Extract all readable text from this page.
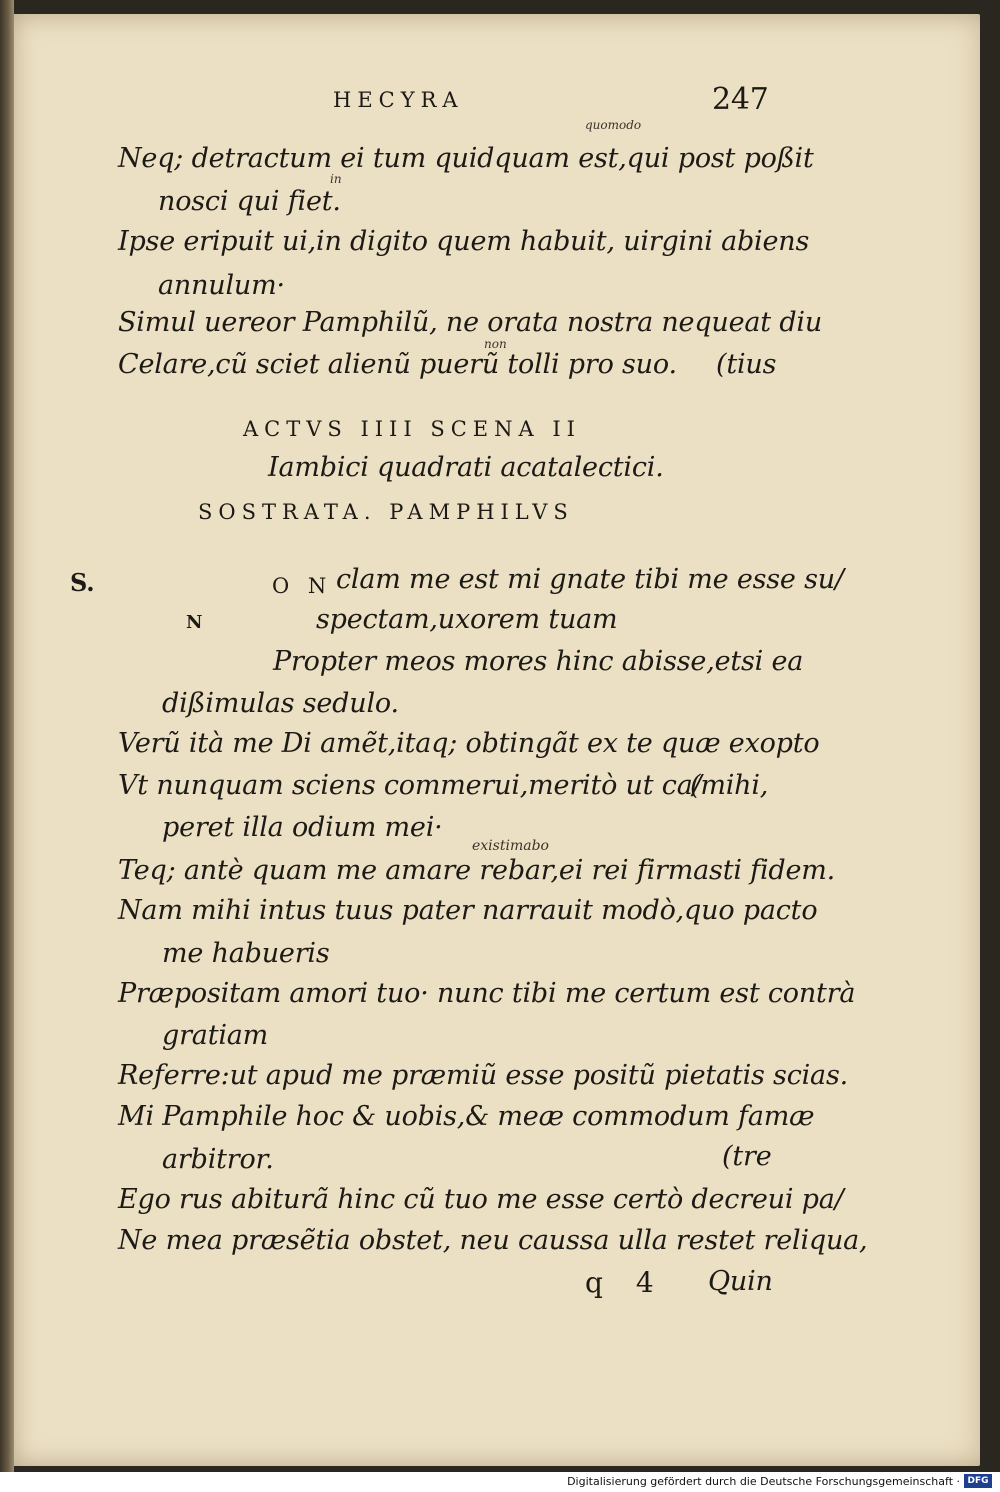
HECYRA	247
quomodo
in
non
existimabo
Neq; detractum ei tum quidquam est,qui post poßit
nosci qui fiet.
Ipse eripuit ui,in digito quem habuit, uirgini abiens
annulum·
Simul uereor Pamphilũ, ne orata nostra nequeat diu
Celare,cũ sciet alienũ puerũ tolli pro suo. (tius
ACTVS IIII SCENA II
Iambici quadrati acatalectici.
SOSTRATA. PAMPHILVS
S.
N
O N clam me est mi gnate tibi me esse su/
spectam,uxorem tuam
Propter meos mores hinc abisse,etsi ea
dißimulas sedulo.
Verũ ità me Di amẽt,itaq; obtingãt ex te quæ exopto
Vt nunquam sciens commerui,meritò ut ca/
(mihi,
peret illa odium mei·
Teq; antè quam me amare rebar,ei rei firmasti fidem.
Nam mihi intus tuus pater narrauit modò,quo pacto
me habueris
Præpositam amori tuo· nunc tibi me certum est contrà
gratiam
Referre:ut apud me præmiũ esse positũ pietatis scias.
Mi Pamphile hoc & uobis,& meæ commodum famæ
arbitror.	(tre
Ego rus abiturã hinc cũ tuo me esse certò decreui pa/
Ne mea præsẽtia obstet, neu caussa ulla restet reliqua,
q 4 Quin
Digitalisierung gefördert durch die Deutsche Forschungsgemeinschaft · DFG
